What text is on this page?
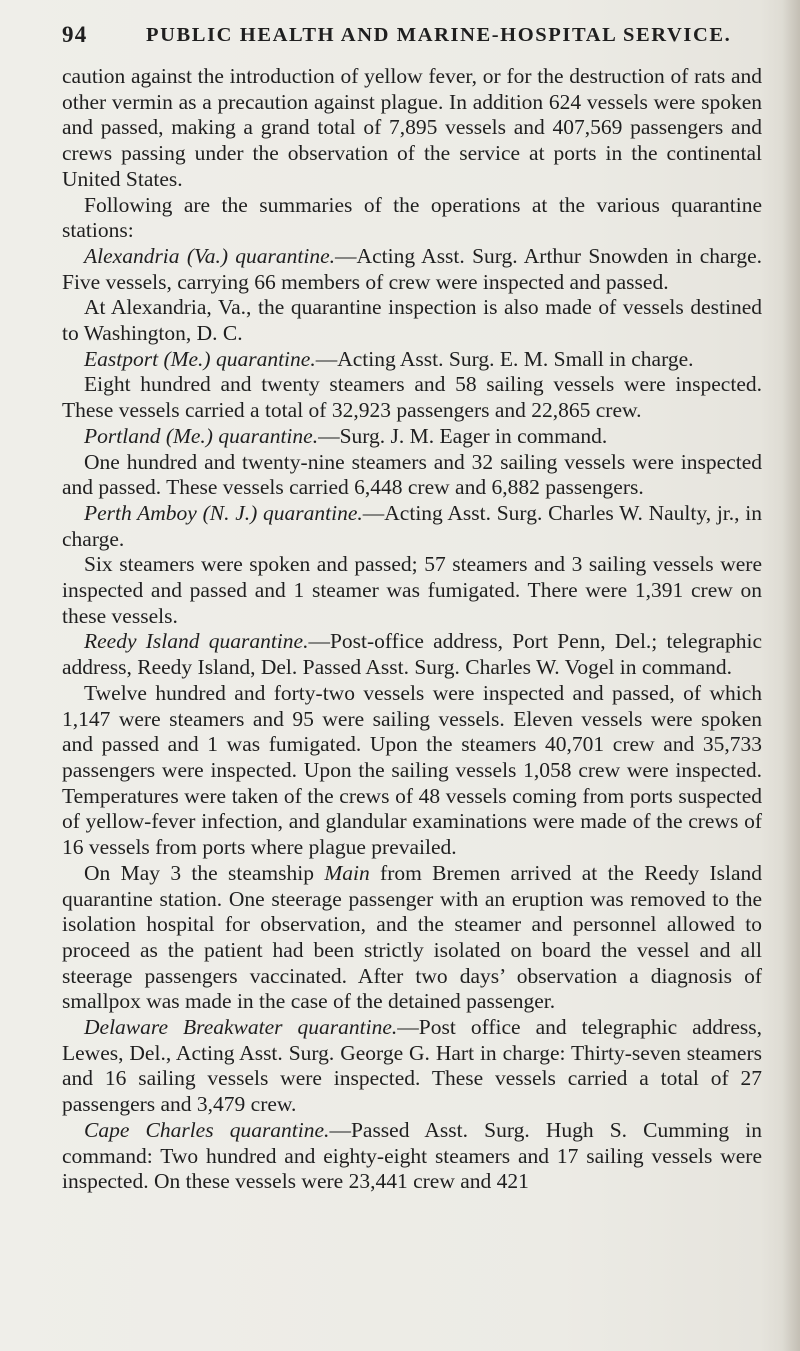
94	PUBLIC HEALTH AND MARINE-HOSPITAL SERVICE.

caution against the introduction of yellow fever, or for the destruction of rats and other vermin as a precaution against plague. In addition 624 vessels were spoken and passed, making a grand total of 7,895 vessels and 407,569 passengers and crews passing under the observation of the service at ports in the continental United States.

Following are the summaries of the operations at the various quarantine stations:

Alexandria (Va.) quarantine.—Acting Asst. Surg. Arthur Snowden in charge. Five vessels, carrying 66 members of crew were inspected and passed.

At Alexandria, Va., the quarantine inspection is also made of vessels destined to Washington, D. C.

Eastport (Me.) quarantine.—Acting Asst. Surg. E. M. Small in charge.

Eight hundred and twenty steamers and 58 sailing vessels were inspected. These vessels carried a total of 32,923 passengers and 22,865 crew.

Portland (Me.) quarantine.—Surg. J. M. Eager in command.

One hundred and twenty-nine steamers and 32 sailing vessels were inspected and passed. These vessels carried 6,448 crew and 6,882 passengers.

Perth Amboy (N. J.) quarantine.—Acting Asst. Surg. Charles W. Naulty, jr., in charge.

Six steamers were spoken and passed; 57 steamers and 3 sailing vessels were inspected and passed and 1 steamer was fumigated. There were 1,391 crew on these vessels.

Reedy Island quarantine.—Post-office address, Port Penn, Del.; telegraphic address, Reedy Island, Del. Passed Asst. Surg. Charles W. Vogel in command.

Twelve hundred and forty-two vessels were inspected and passed, of which 1,147 were steamers and 95 were sailing vessels. Eleven vessels were spoken and passed and 1 was fumigated. Upon the steamers 40,701 crew and 35,733 passengers were inspected. Upon the sailing vessels 1,058 crew were inspected. Temperatures were taken of the crews of 48 vessels coming from ports suspected of yellow-fever infection, and glandular examinations were made of the crews of 16 vessels from ports where plague prevailed.

On May 3 the steamship Main from Bremen arrived at the Reedy Island quarantine station. One steerage passenger with an eruption was removed to the isolation hospital for observation, and the steamer and personnel allowed to proceed as the patient had been strictly isolated on board the vessel and all steerage passengers vaccinated. After two days’ observation a diagnosis of smallpox was made in the case of the detained passenger.

Delaware Breakwater quarantine.—Post office and telegraphic address, Lewes, Del., Acting Asst. Surg. George G. Hart in charge: Thirty-seven steamers and 16 sailing vessels were inspected. These vessels carried a total of 27 passengers and 3,479 crew.

Cape Charles quarantine.—Passed Asst. Surg. Hugh S. Cumming in command: Two hundred and eighty-eight steamers and 17 sailing vessels were inspected. On these vessels were 23,441 crew and 421
